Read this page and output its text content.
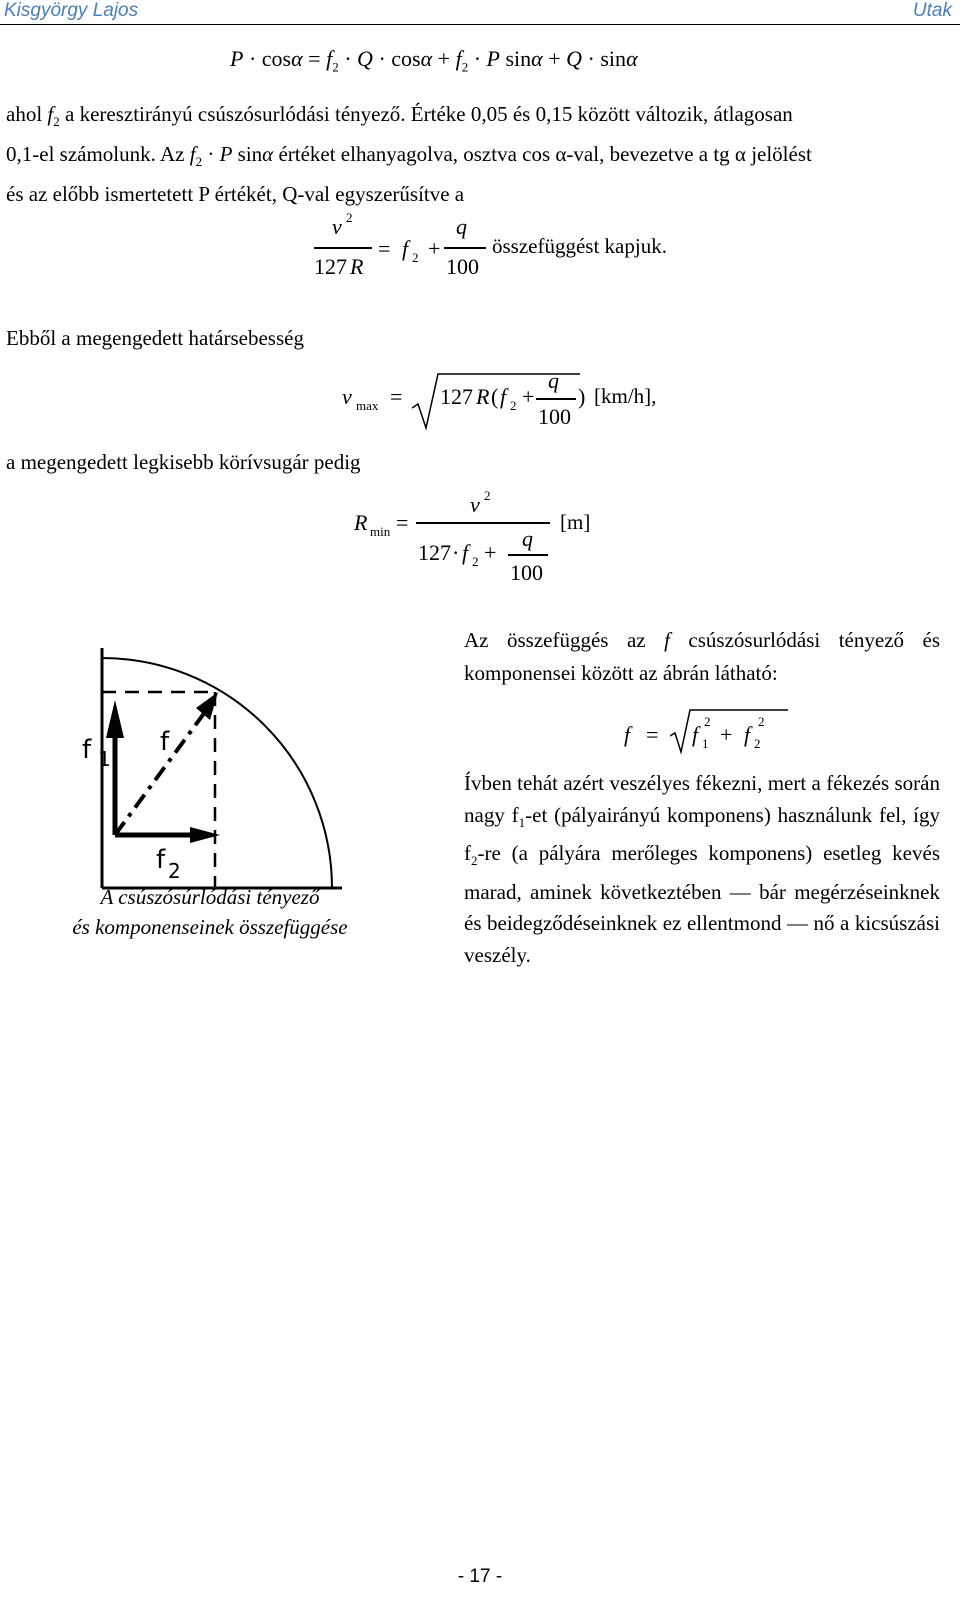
Kisgyörgy Lajos	Utak
$P \cdot \cos\alpha = f_2 \cdot Q \cdot \cos\alpha + f_2 \cdot P$ sinα + Q · sinα
ahol $f_2$ a keresztirányú csúszósurlódási tényező. Értéke 0,05 és 0,15 között változik, átlagosan
0,1-el számolunk. Az $f_2 \cdot P$ sinα értéket elhanyagolva, osztva cos α-val, bevezetve a tg α jelölést
és az előbb ismertetett P értékét, Q-val egyszerűsítve a
v 2
127 R
= f 2 +
q
100
összefüggést kapjuk.
Ebből a megengedett határsebesség
v max = 127 R ( f 2 +
q
100
) [km/h],
a megengedett legkisebb körívsugár pedig
R min =
v 2
127 · f 2 +
q
100
[m]
f 1
f
f 2
A csúszósúrlódási tényező
és komponenseinek összefüggése
Az összefüggés az f csúszósurlódási tényező és komponensei között az ábrán látható:
f = f 1
2
+ f 2
2
Ívben tehát azért veszélyes fékezni, mert a fékezés során nagy $f_1-et$ (pályairányú komponens) használunk fel, így $f_2-re$ (a pályára merőleges komponens) esetleg kevés marad, aminek következtében — bár megérzéseinknek és beidegződéseinknek ez ellentmond — nő a kicsúszási veszély.
- 17 -
